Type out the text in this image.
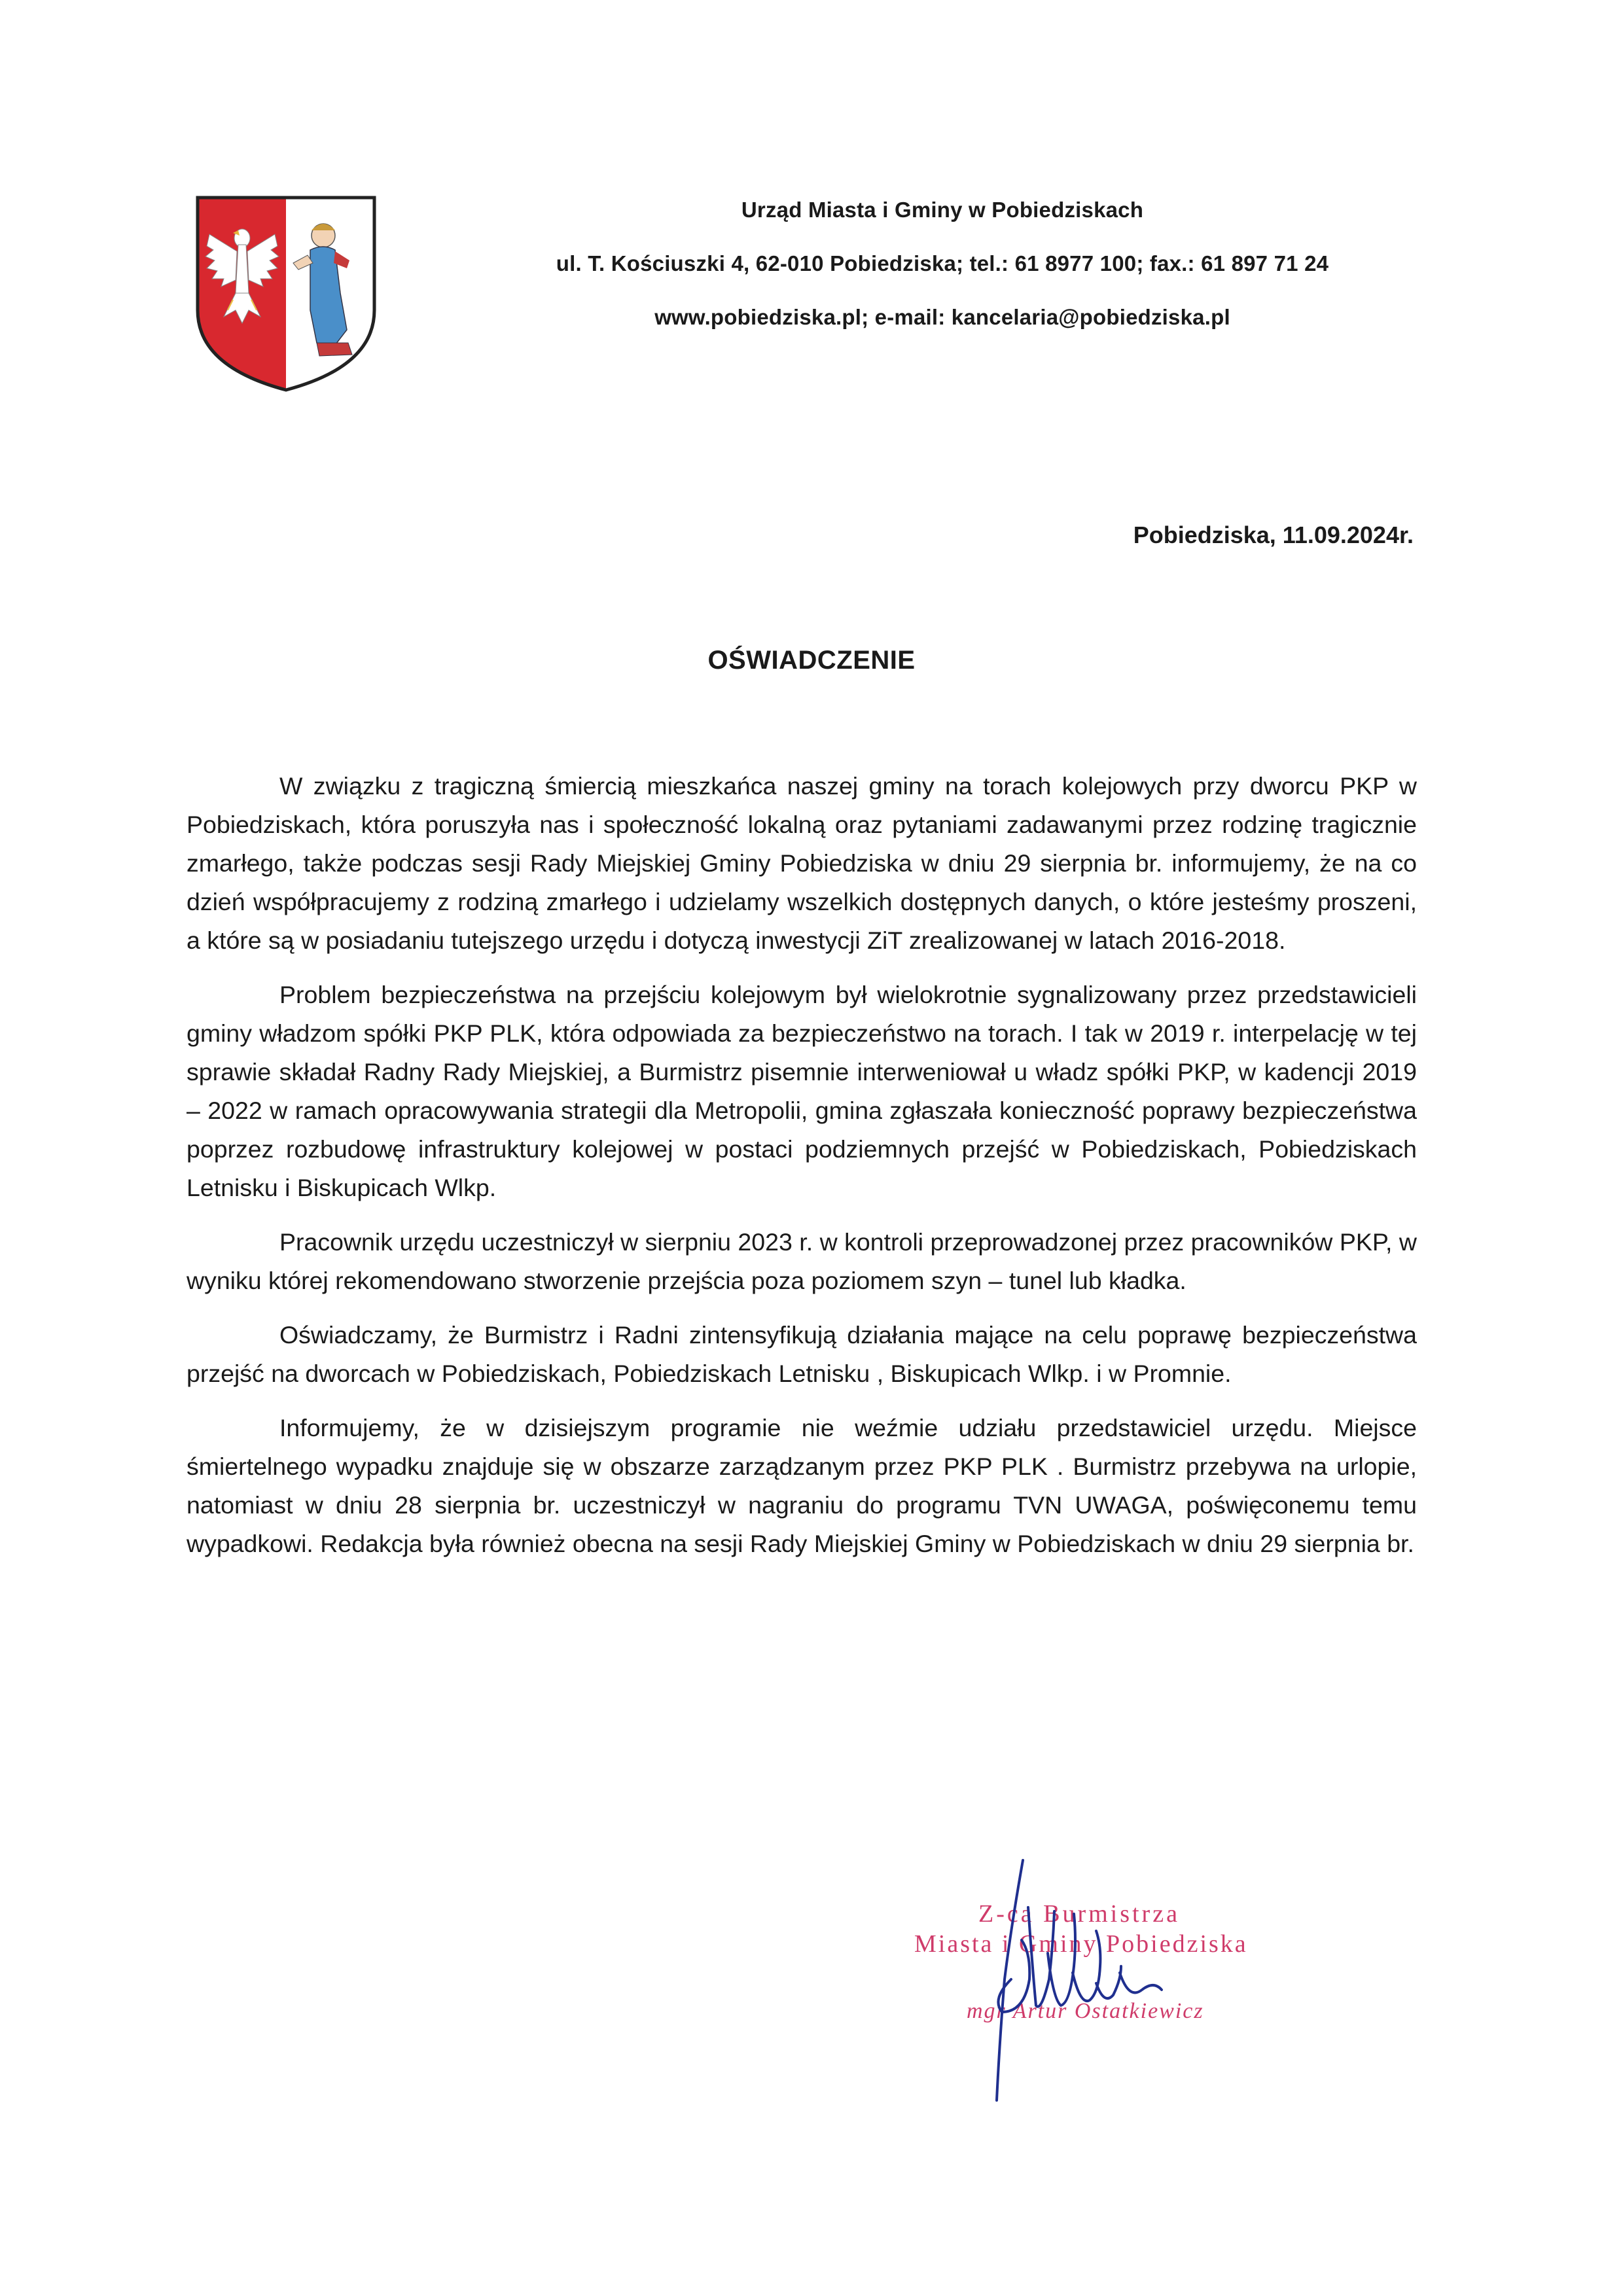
Urząd Miasta i Gminy w Pobiedziskach
ul. T. Kościuszki 4, 62-010 Pobiedziska; tel.: 61 8977 100; fax.: 61 897 71 24
www.pobiedziska.pl; e-mail: kancelaria@pobiedziska.pl
Pobiedziska, 11.09.2024r.
OŚWIADCZENIE

W związku z tragiczną śmiercią mieszkańca naszej gminy na torach kolejowych przy dworcu PKP w Pobiedziskach, która poruszyła nas i społeczność lokalną oraz pytaniami zadawanymi przez rodzinę tragicznie zmarłego, także podczas sesji Rady Miejskiej Gminy Pobiedziska w dniu 29 sierpnia br. informujemy, że na co dzień współpracujemy z rodziną zmarłego i udzielamy wszelkich dostępnych danych, o które jesteśmy proszeni, a które są w posiadaniu tutejszego urzędu i dotyczą inwestycji ZiT zrealizowanej w latach 2016-2018.

Problem bezpieczeństwa na przejściu kolejowym był wielokrotnie sygnalizowany przez przedstawicieli gminy władzom spółki PKP PLK, która odpowiada za bezpieczeństwo na torach. I tak w 2019 r. interpelację w tej sprawie składał Radny Rady Miejskiej, a Burmistrz pisemnie interweniował u władz spółki PKP, w kadencji 2019 – 2022 w ramach opracowywania strategii dla Metropolii, gmina zgłaszała konieczność poprawy bezpieczeństwa poprzez rozbudowę infrastruktury kolejowej w postaci podziemnych przejść w Pobiedziskach, Pobiedziskach Letnisku i Biskupicach Wlkp.

Pracownik urzędu uczestniczył w sierpniu 2023 r. w kontroli przeprowadzonej przez pracowników PKP, w wyniku której rekomendowano stworzenie przejścia poza poziomem szyn – tunel lub kładka.

Oświadczamy, że Burmistrz i Radni zintensyfikują działania mające na celu poprawę bezpieczeństwa przejść na dworcach w Pobiedziskach, Pobiedziskach Letnisku , Biskupicach Wlkp. i w Promnie.

Informujemy, że w dzisiejszym programie nie weźmie udziału przedstawiciel urzędu. Miejsce śmiertelnego wypadku znajduje się w obszarze zarządzanym przez PKP PLK . Burmistrz przebywa na urlopie, natomiast w dniu 28 sierpnia br. uczestniczył w nagraniu do programu TVN UWAGA, poświęconemu temu wypadkowi. Redakcja była również obecna na sesji Rady Miejskiej Gminy w Pobiedziskach w dniu 29 sierpnia br.

Z-ca Burmistrza
Miasta i Gminy Pobiedziska
mgr Artur Ostatkiewicz
